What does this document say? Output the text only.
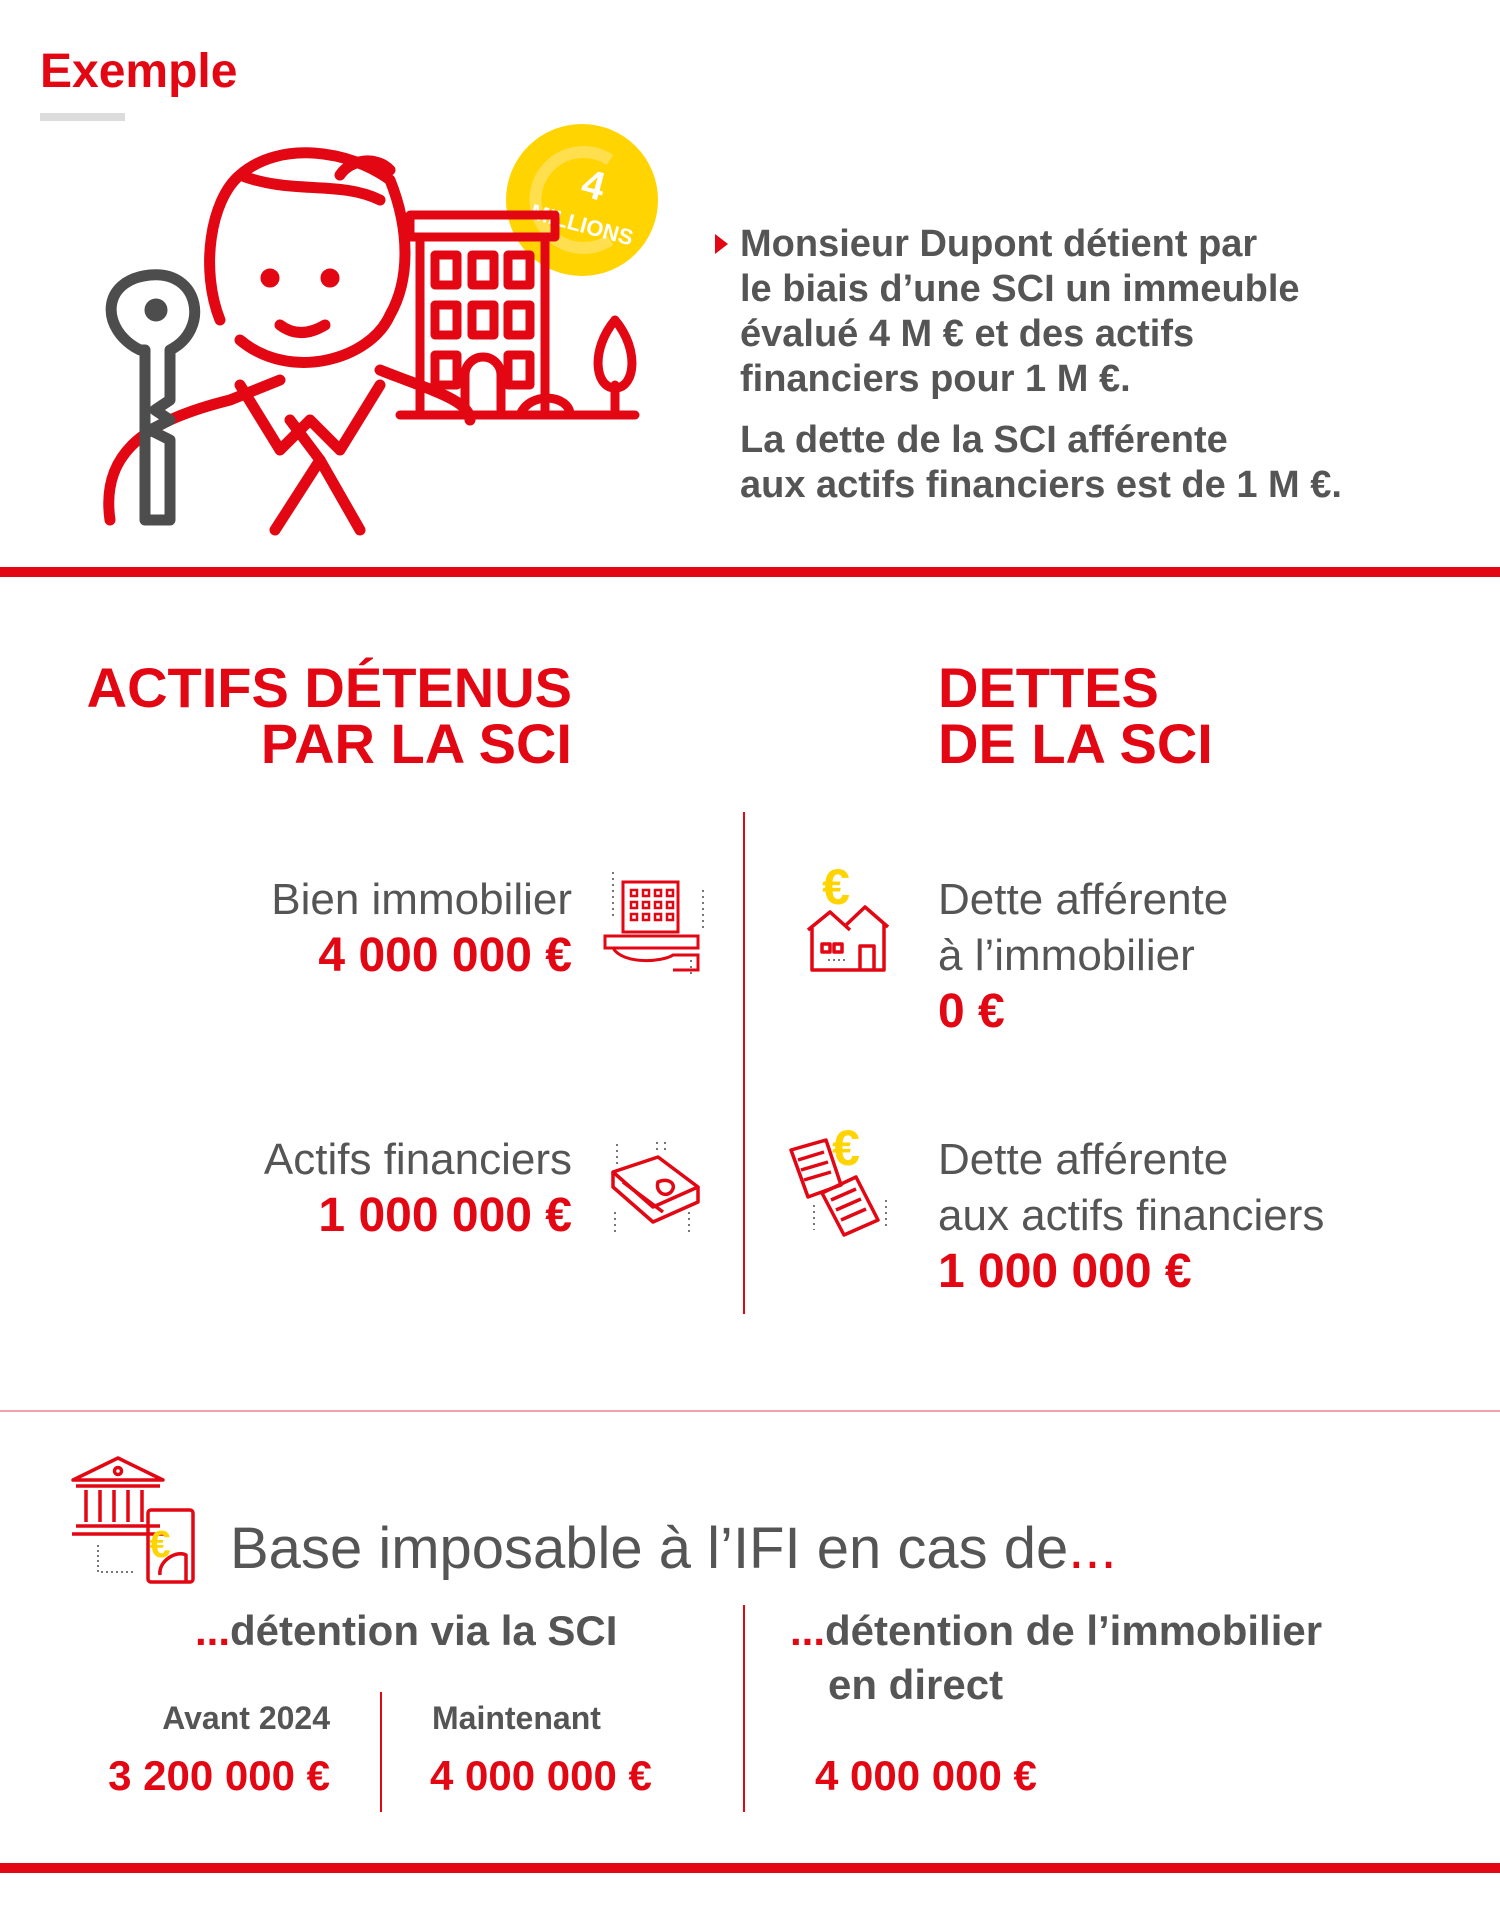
Exemple
4
MILLIONS	Monsieur Dupont détient par
le biais d’une SCI un immeuble
évalué 4 M € et des actifs
financiers pour 1 M €.
La dette de la SCI afférente
aux actifs financiers est de 1 M €.
ACTIFS DÉTENUS
PAR LA SCI
DETTES
DE LA SCI
Bien immobilier
4 000 000 €
Actifs financiers
1 000 000 €
€ Dette afférente
à l’immobilier
0 €
€ Dette afférente
aux actifs financiers
1 000 000 €
€ Base imposable à l’IFI en cas de...
...détention via la SCI
Avant 2024
3 200 000 €
Maintenant
4 000 000 €
...détention de l’immobilier
en direct
4 000 000 €
